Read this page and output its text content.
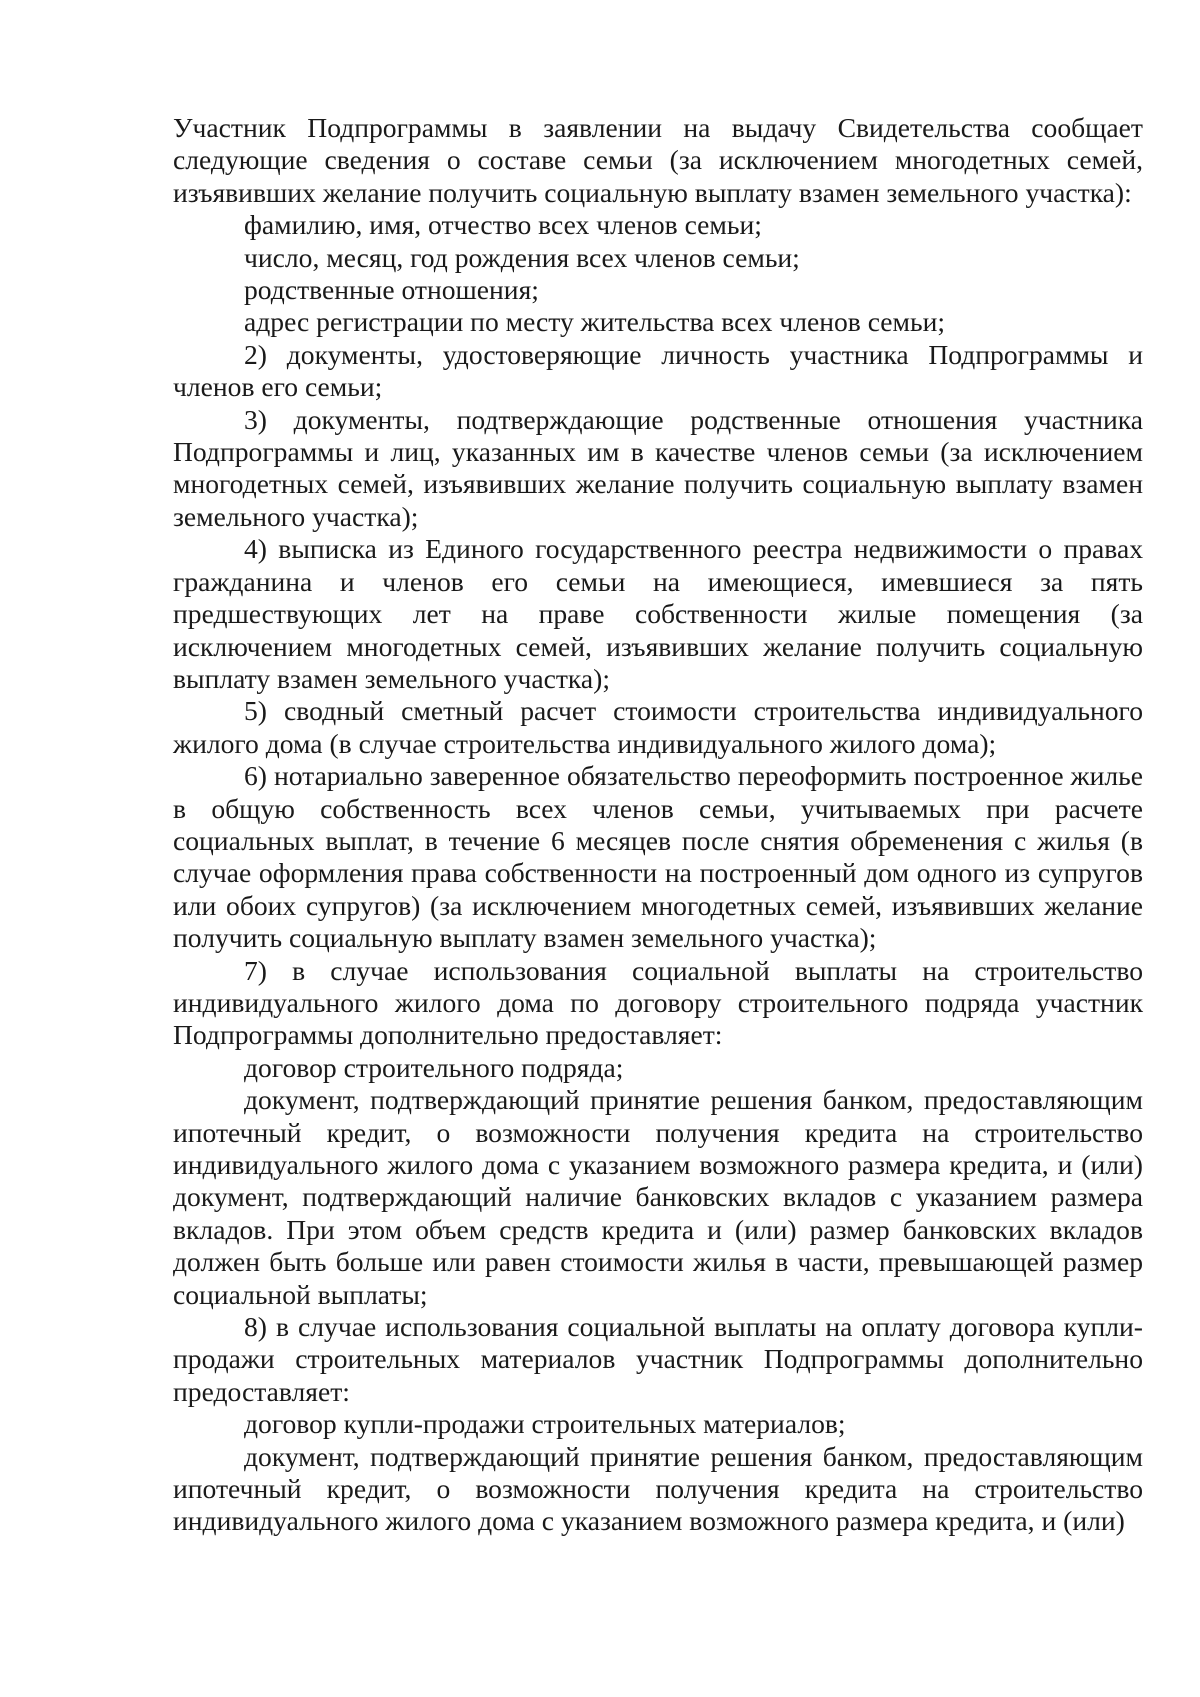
Участник Подпрограммы в заявлении на выдачу Свидетельства сообщает следующие сведения о составе семьи (за исключением многодетных семей, изъявивших желание получить социальную выплату взамен земельного участка):

фамилию, имя, отчество всех членов семьи;

число, месяц, год рождения всех членов семьи;

родственные отношения;

адрес регистрации по месту жительства всех членов семьи;

2) документы, удостоверяющие личность участника Подпрограммы и членов его семьи;

3) документы, подтверждающие родственные отношения участника Подпрограммы и лиц, указанных им в качестве членов семьи (за исключением многодетных семей, изъявивших желание получить социальную выплату взамен земельного участка);

4) выписка из Единого государственного реестра недвижимости о правах гражданина и членов его семьи на имеющиеся, имевшиеся за пять предшествующих лет на праве собственности жилые помещения (за исключением многодетных семей, изъявивших желание получить социальную выплату взамен земельного участка);

5) сводный сметный расчет стоимости строительства индивидуального жилого дома (в случае строительства индивидуального жилого дома);

6) нотариально заверенное обязательство переоформить построенное жилье в общую собственность всех членов семьи, учитываемых при расчете социальных выплат, в течение 6 месяцев после снятия обременения с жилья (в случае оформления права собственности на построенный дом одного из супругов или обоих супругов) (за исключением многодетных семей, изъявивших желание получить социальную выплату взамен земельного участка);

7) в случае использования социальной выплаты на строительство индивидуального жилого дома по договору строительного подряда участник Подпрограммы дополнительно предоставляет:

договор строительного подряда;

документ, подтверждающий принятие решения банком, предоставляющим ипотечный кредит, о возможности получения кредита на строительство индивидуального жилого дома с указанием возможного размера кредита, и (или) документ, подтверждающий наличие банковских вкладов с указанием размера вкладов. При этом объем средств кредита и (или) размер банковских вкладов должен быть больше или равен стоимости жилья в части, превышающей размер социальной выплаты;

8) в случае использования социальной выплаты на оплату договора купли-продажи строительных материалов участник Подпрограммы дополнительно предоставляет:

договор купли-продажи строительных материалов;

документ, подтверждающий принятие решения банком, предоставляющим ипотечный кредит, о возможности получения кредита на строительство индивидуального жилого дома с указанием возможного размера кредита, и (или)
